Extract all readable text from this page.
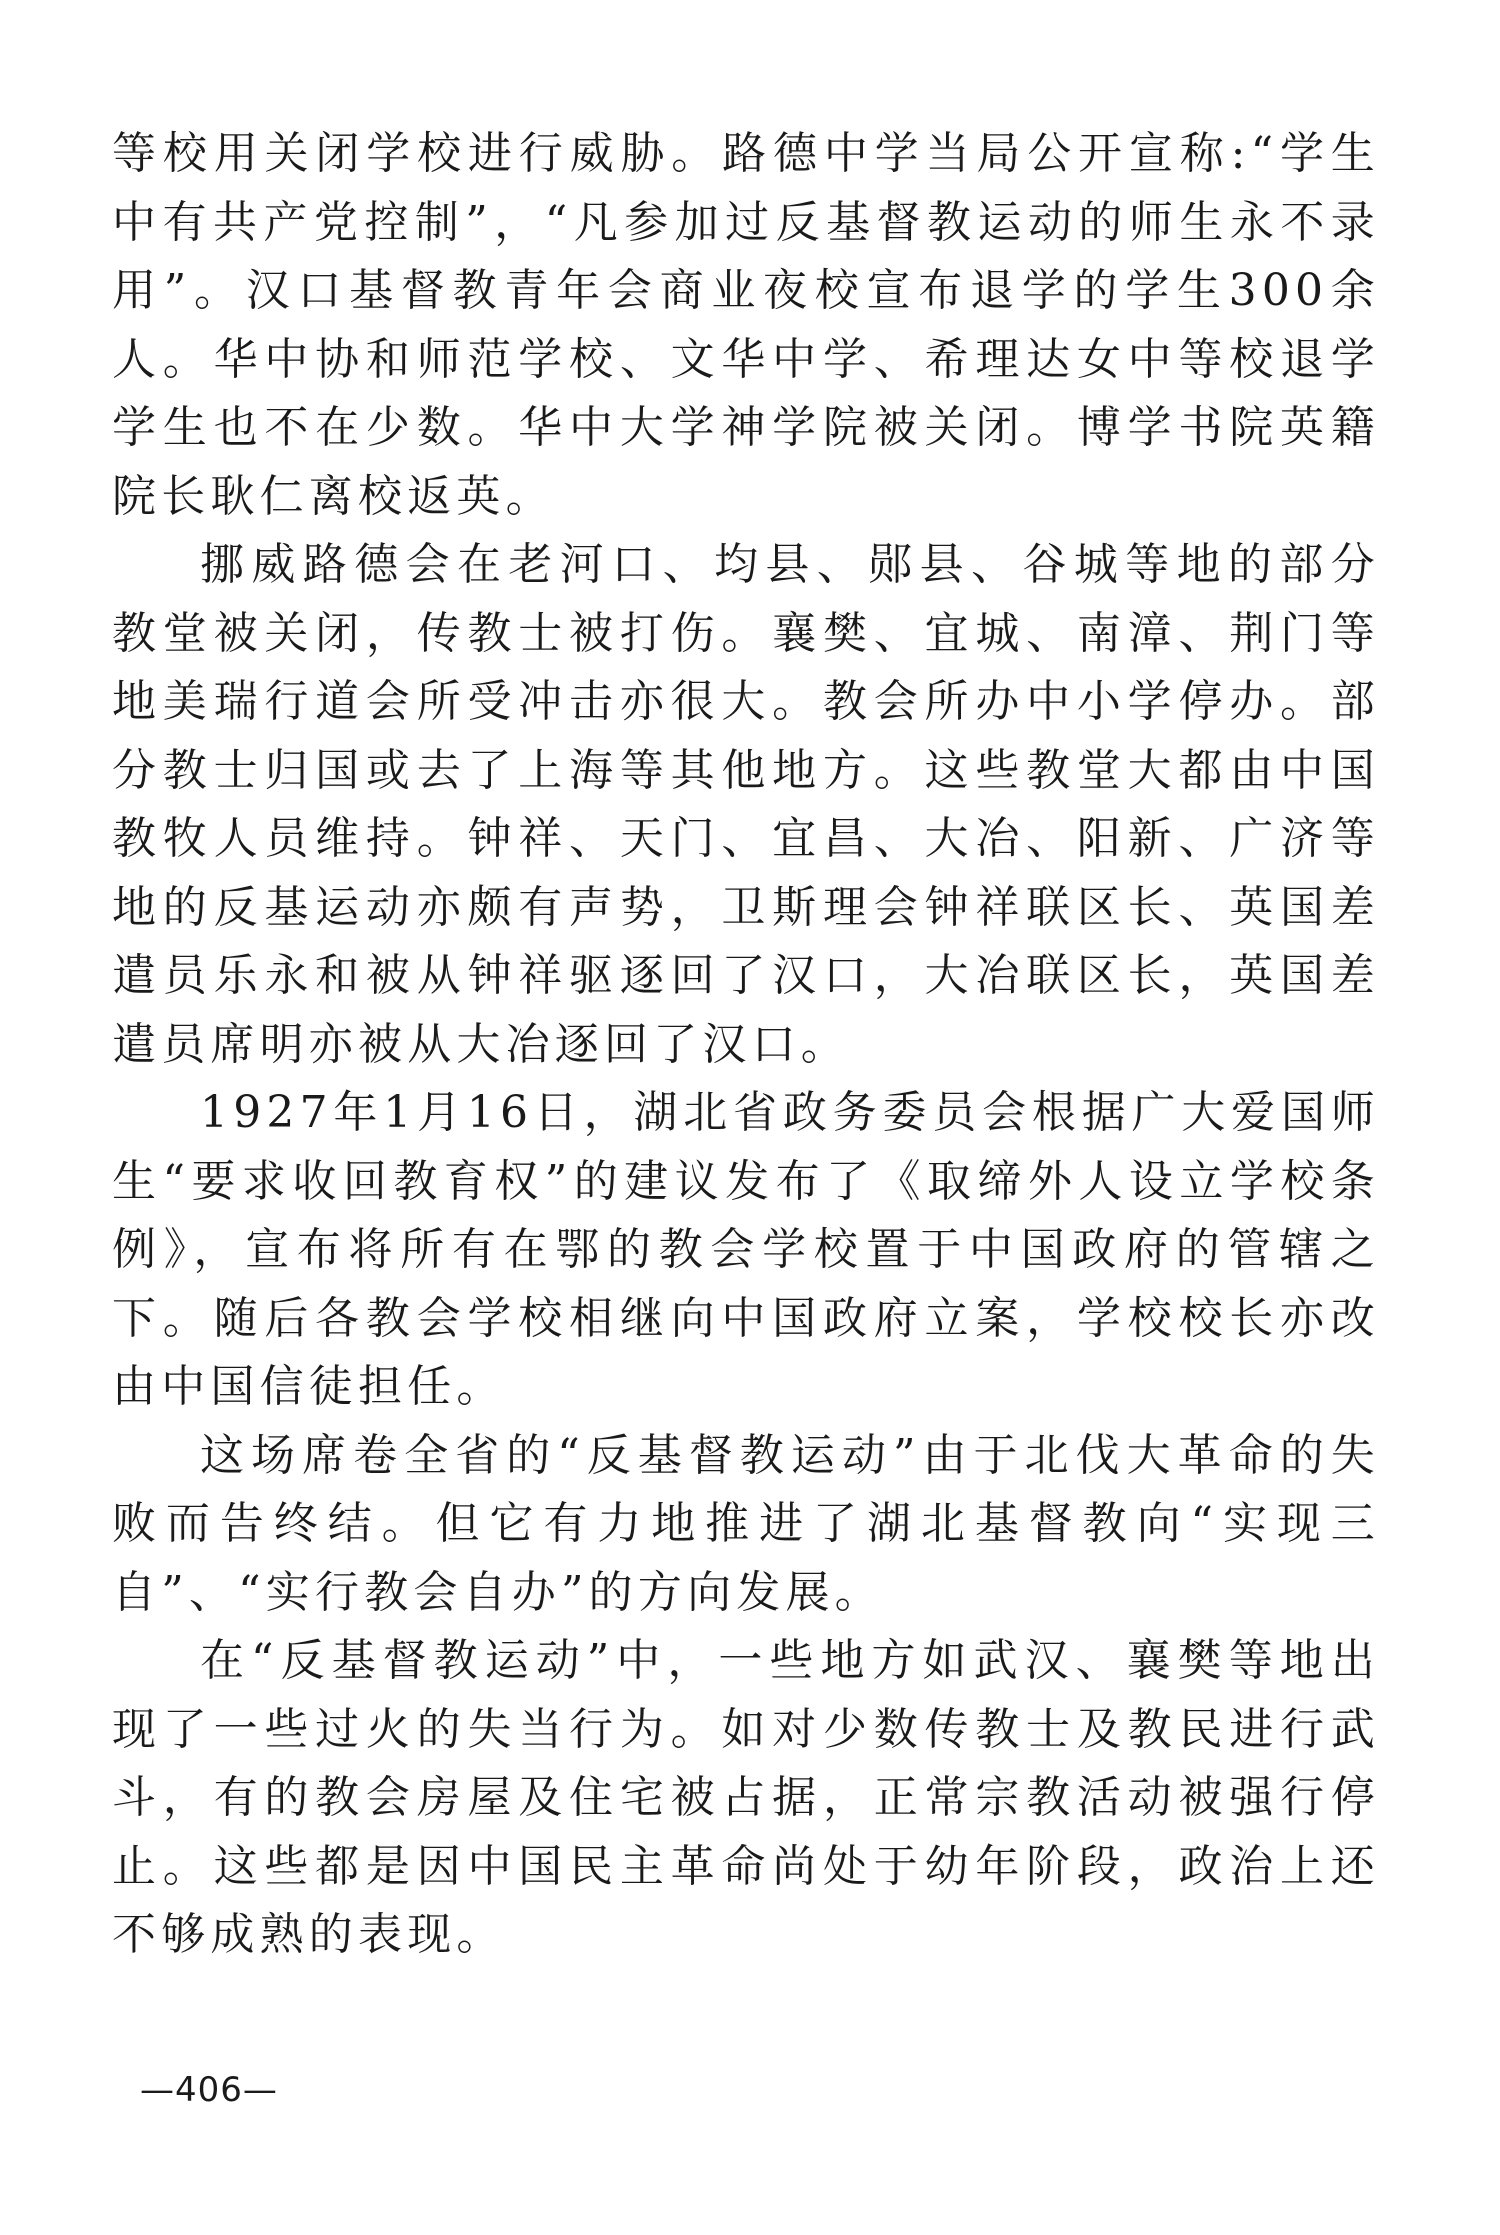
等校用关闭学校进行威胁。路德中学当局公开宣称:“学生中有共产党控制”，“凡参加过反基督教运动的师生永不录用”。汉口基督教青年会商业夜校宣布退学的学生300余人。华中协和师范学校、文华中学、希理达女中等校退学学生也不在少数。华中大学神学院被关闭。博学书院英籍院长耿仁离校返英。

挪威路德会在老河口、均县、郧县、谷城等地的部分教堂被关闭，传教士被打伤。襄樊、宜城、南漳、荆门等地美瑞行道会所受冲击亦很大。教会所办中小学停办。部分教士归国或去了上海等其他地方。这些教堂大都由中国教牧人员维持。钟祥、天门、宜昌、大冶、阳新、广济等地的反基运动亦颇有声势，卫斯理会钟祥联区长、英国差遣员乐永和被从钟祥驱逐回了汉口，大冶联区长，英国差遣员席明亦被从大冶逐回了汉口。

1927年1月16日，湖北省政务委员会根据广大爱国师生“要求收回教育权”的建议发布了《取缔外人设立学校条例》，宣布将所有在鄂的教会学校置于中国政府的管辖之下。随后各教会学校相继向中国政府立案，学校校长亦改由中国信徒担任。

这场席卷全省的“反基督教运动”由于北伐大革命的失败而告终结。但它有力地推进了湖北基督教向“实现三自”、“实行教会自办”的方向发展。

在“反基督教运动”中，一些地方如武汉、襄樊等地出现了一些过火的失当行为。如对少数传教士及教民进行武斗，有的教会房屋及住宅被占据，正常宗教活动被强行停止。这些都是因中国民主革命尚处于幼年阶段，政治上还不够成熟的表现。

—406—
